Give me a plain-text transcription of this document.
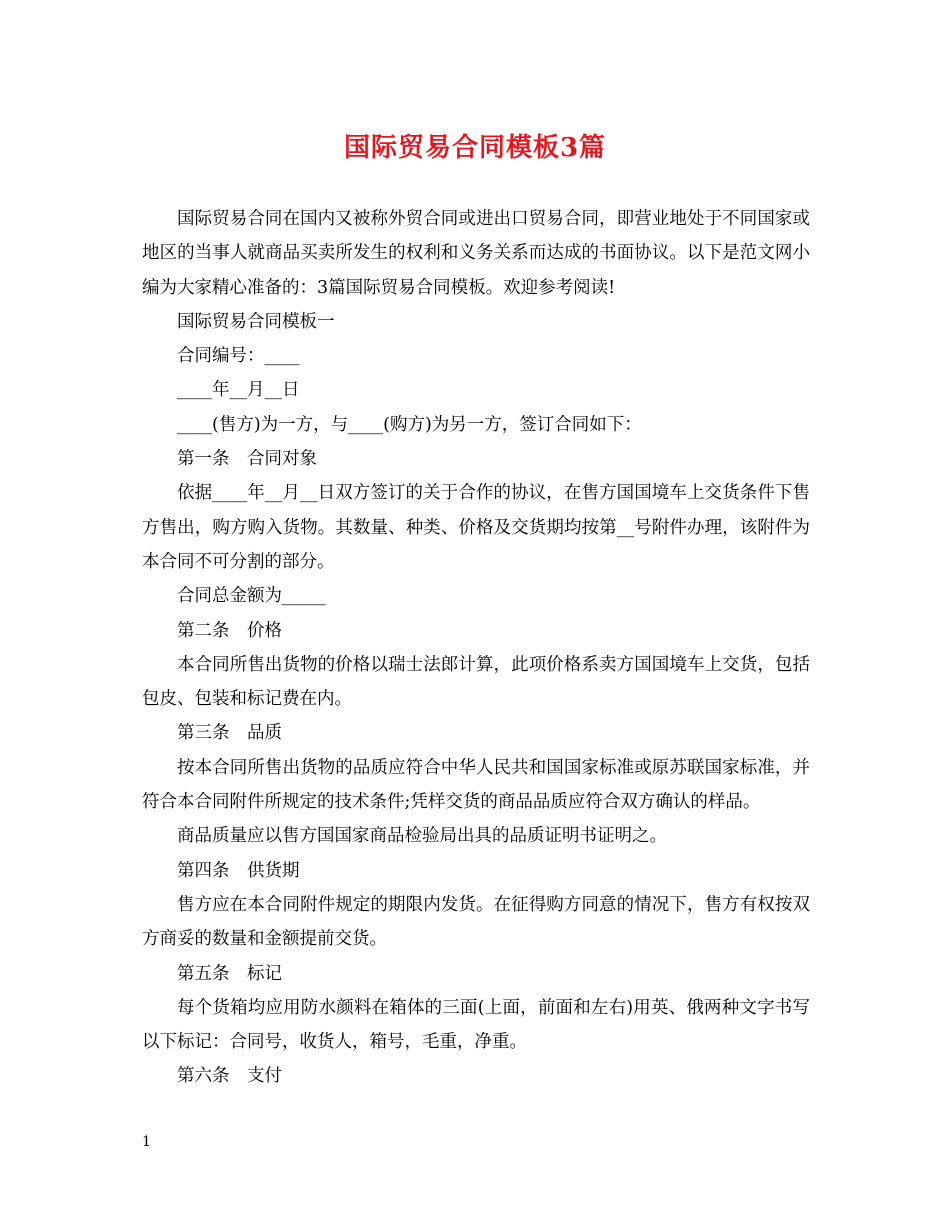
国际贸易合同模板3篇

国际贸易合同在国内又被称外贸合同或进出口贸易合同，即营业地处于不同国家或地区的当事人就商品买卖所发生的权利和义务关系而达成的书面协议。以下是范文网小编为大家精心准备的：3篇国际贸易合同模板。欢迎参考阅读!

国际贸易合同模板一

合同编号：____

____年__月__日

____(售方)为一方，与____(购方)为另一方，签订合同如下：

第一条　合同对象

依据____年__月__日双方签订的关于合作的协议，在售方国国境车上交货条件下售方售出，购方购入货物。其数量、种类、价格及交货期均按第__号附件办理，该附件为本合同不可分割的部分。

合同总金额为_____

第二条　价格

本合同所售出货物的价格以瑞士法郎计算，此项价格系卖方国国境车上交货，包括包皮、包装和标记费在内。

第三条　品质

按本合同所售出货物的品质应符合中华人民共和国国家标准或原苏联国家标准，并符合本合同附件所规定的技术条件;凭样交货的商品品质应符合双方确认的样品。

商品质量应以售方国国家商品检验局出具的品质证明书证明之。

第四条　供货期

售方应在本合同附件规定的期限内发货。在征得购方同意的情况下，售方有权按双方商妥的数量和金额提前交货。

第五条　标记

每个货箱均应用防水颜料在箱体的三面(上面，前面和左右)用英、俄两种文字书写以下标记：合同号，收货人，箱号，毛重，净重。

第六条　支付

1
